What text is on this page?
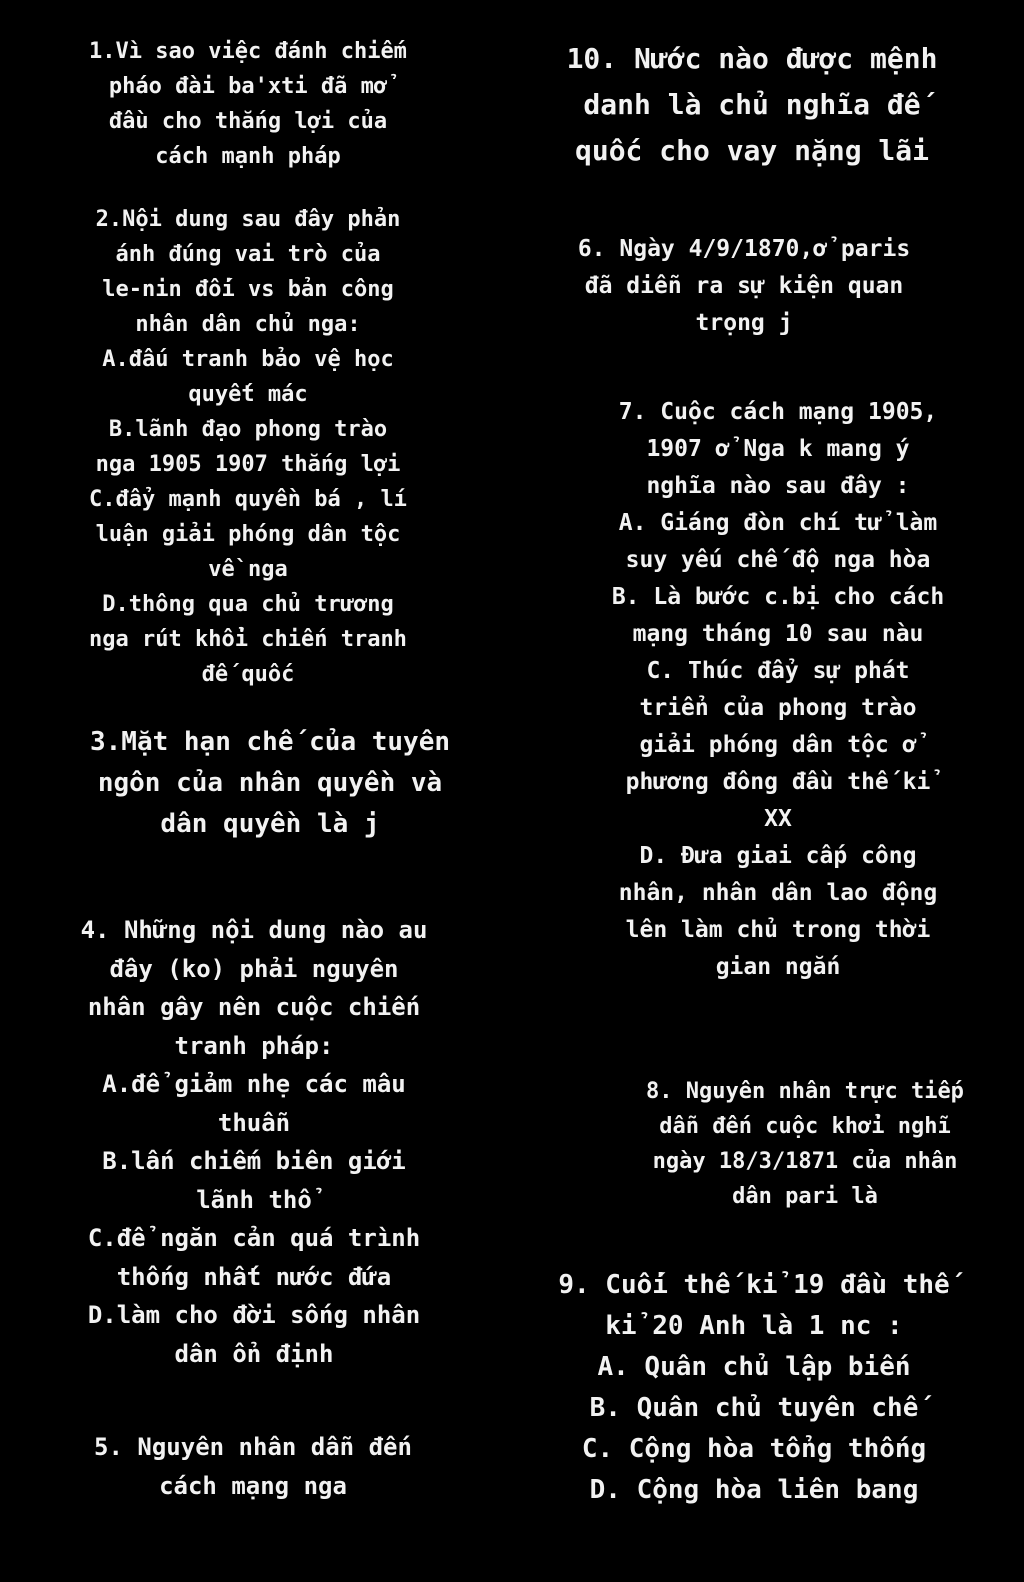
1.Vì sao việc đánh chiếm
pháo đài ba'xti đã mở
đầu cho thắng lợi của
cách mạnh pháp
2.Nội dung sau đây phản
ánh đúng vai trò của
le-nin đối vs bản công
nhân dân chủ nga:
A.đấu tranh bảo vệ học
quyết mác
B.lãnh đạo phong trào
nga 1905 1907 thắng lợi
C.đẩy mạnh quyền bá , lí
luận giải phóng dân tộc
về nga
D.thông qua chủ trương
nga rút khổi chiến tranh
đế quốc
3.Mặt hạn chế của tuyên
ngôn của nhân quyền và
dân quyền là j
4. Những nội dung nào au
đây (ko) phải nguyên
nhân gây nên cuộc chiến
tranh pháp:
A.để giảm nhẹ các mâu
thuẫn
B.lấn chiếm biên giới
lãnh thổ
C.để ngăn cản quá trình
thống nhất nước đứa
D.làm cho đời sống nhân
dân ổn định
5. Nguyên nhân dẫn đến
cách mạng nga
10. Nước nào được mệnh
danh là chủ nghĩa đế
quốc cho vay nặng lãi
6. Ngày 4/9/1870,ở paris
đã diễn ra sự kiện quan
trọng j
7. Cuộc cách mạng 1905,
1907 ở Nga k mang ý
nghĩa nào sau đây :
A. Giáng đòn chí tử làm
suy yếu chế độ nga hòa
B. Là bước c.bị cho cách
mạng tháng 10 sau nàu
C. Thúc đẩy sự phát
triển của phong trào
giải phóng dân tộc ở
phương đông đầu thế kỉ
XX
D. Đưa giai cấp công
nhân, nhân dân lao động
lên làm chủ trong thời
gian ngắn
8. Nguyên nhân trực tiếp
dẫn đến cuộc khởi nghĩ
ngày 18/3/1871 của nhân
dân pari là
9. Cuối thế kỉ 19 đầu thế
kỉ 20 Anh là 1 nc :
A. Quân chủ lập biến
B. Quân chủ tuyên chế
C. Cộng hòa tổng thống
D. Cộng hòa liên bang
